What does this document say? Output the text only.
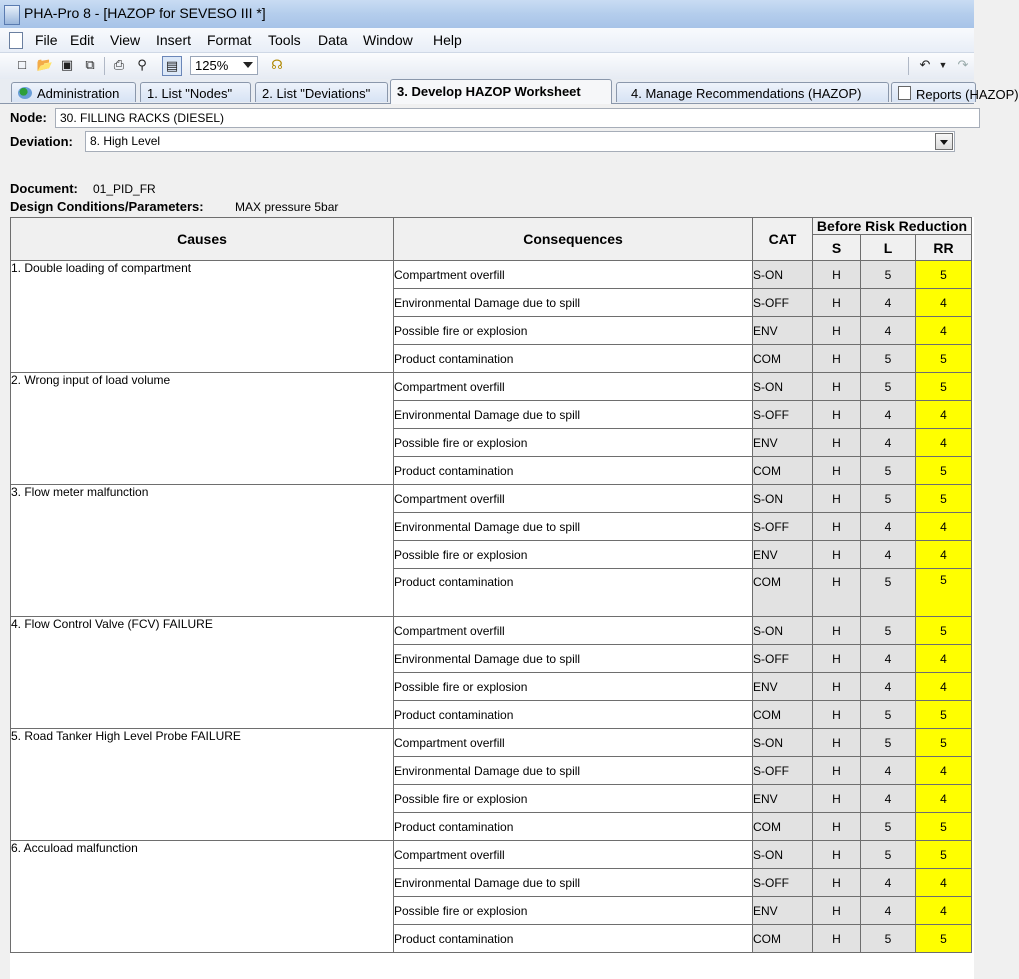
PHA-Pro 8 - [HAZOP for SEVESO III *]
File Edit View Insert Format Tools Data Window Help
□ 📂 ▣ ⧉	⎙	⚲	▤	125%	☊	↶ ▼ ↷
Administration	1. List "Nodes"	2. List "Deviations"	3. Develop HAZOP Worksheet	4. Manage Recommendations (HAZOP)	Reports (HAZOP)
Node:	30. FILLING RACKS (DIESEL)
Deviation:	8. High Level
Document: 01_PID_FR
Design Conditions/Parameters:	MAX pressure 5bar
Causes	Consequences	CAT	Before Risk Reduction		
			S	L	RR
1. Double loading of compartment	Compartment overfill	S-ON	H	5	5
	Environmental Damage due to spill	S-OFF	H	4	4
	Possible fire or explosion	ENV	H	4	4
	Product contamination	COM	H	5	5
2. Wrong input of load volume	Compartment overfill	S-ON	H	5	5
	Environmental Damage due to spill	S-OFF	H	4	4
	Possible fire or explosion	ENV	H	4	4
	Product contamination	COM	H	5	5
3. Flow meter malfunction	Compartment overfill	S-ON	H	5	5
	Environmental Damage due to spill	S-OFF	H	4	4
	Possible fire or explosion	ENV	H	4	4
	Product contamination	COM	H	5	5
4. Flow Control Valve (FCV) FAILURE	Compartment overfill	S-ON	H	5	5
	Environmental Damage due to spill	S-OFF	H	4	4
	Possible fire or explosion	ENV	H	4	4
	Product contamination	COM	H	5	5
5. Road Tanker High Level Probe FAILURE	Compartment overfill	S-ON	H	5	5
	Environmental Damage due to spill	S-OFF	H	4	4
	Possible fire or explosion	ENV	H	4	4
	Product contamination	COM	H	5	5
6. Accuload malfunction	Compartment overfill	S-ON	H	5	5
	Environmental Damage due to spill	S-OFF	H	4	4
	Possible fire or explosion	ENV	H	4	4
	Product contamination	COM	H	5	5
